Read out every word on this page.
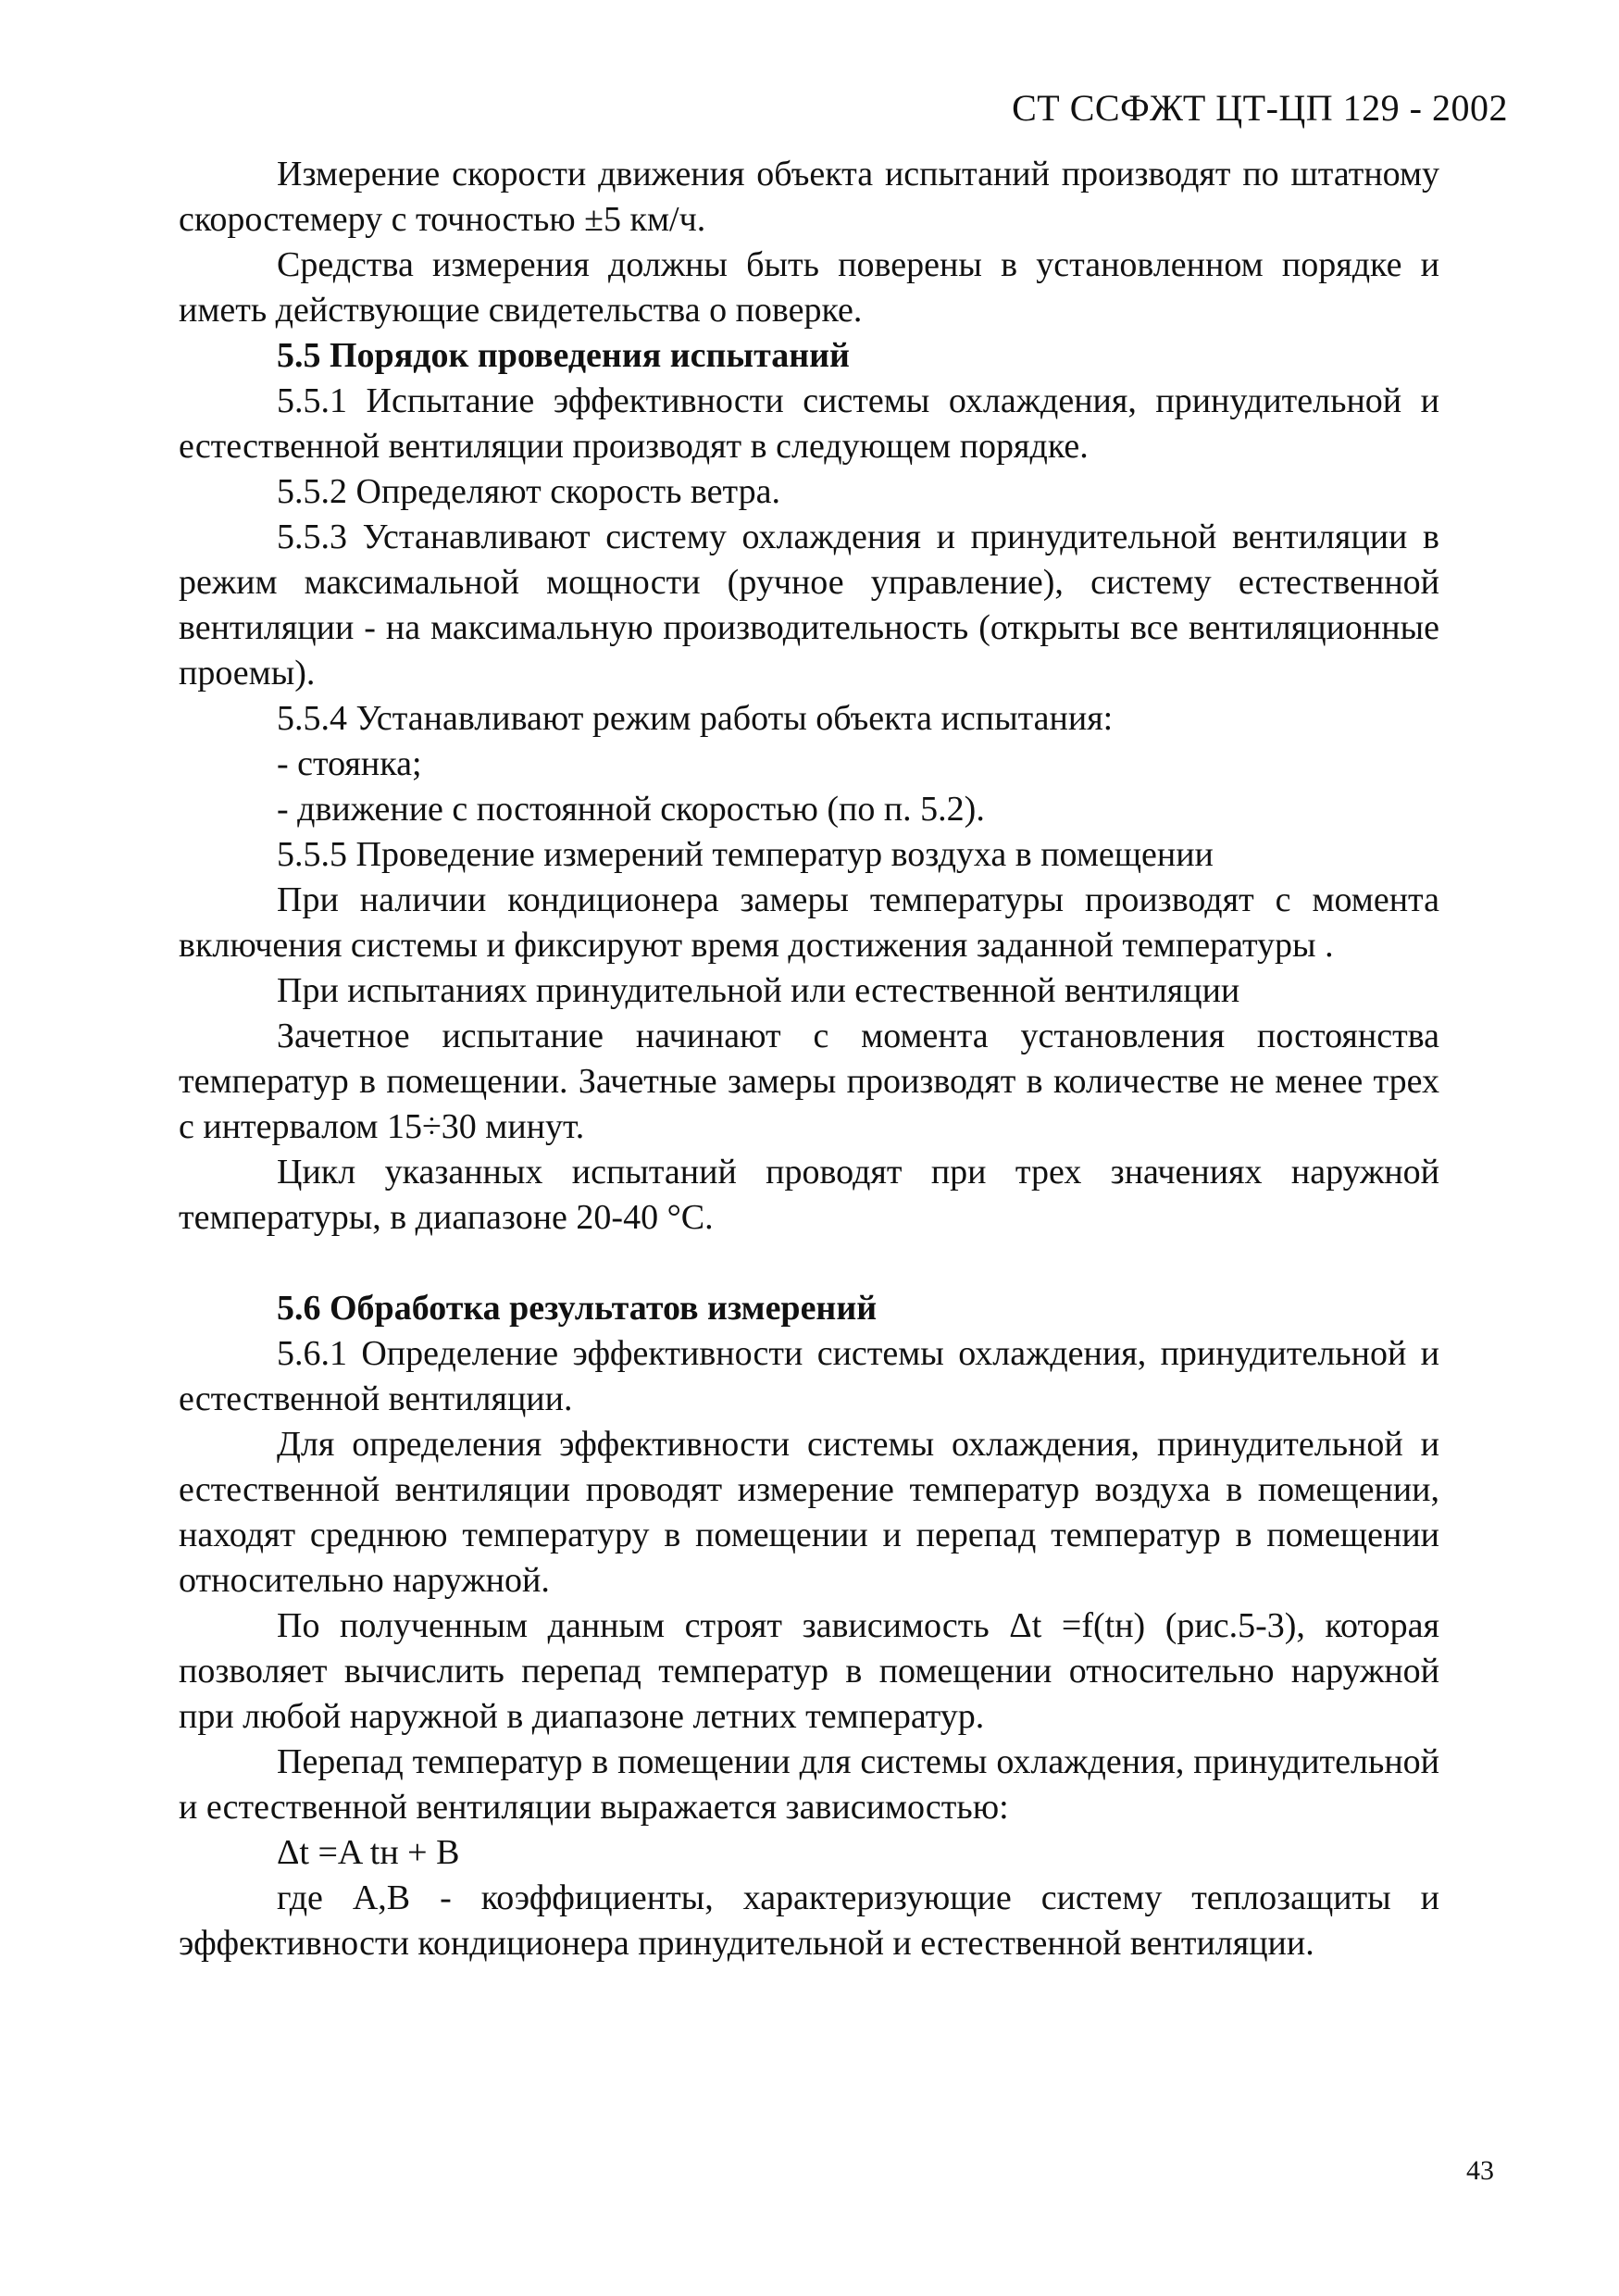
СТ ССФЖТ ЦТ-ЦП 129 - 2002

Измерение скорости движения объекта испытаний производят по штатному скоростемеру с точностью ±5 км/ч.

Средства измерения должны быть поверены в установленном порядке и иметь действующие свидетельства о поверке.

5.5 Порядок проведения испытаний

5.5.1 Испытание эффективности системы охлаждения, принудительной и естественной вентиляции производят в следующем порядке.

5.5.2 Определяют скорость ветра.

5.5.3 Устанавливают систему охлаждения и принудительной вентиляции в режим максимальной мощности (ручное управление), систему естественной вентиляции - на максимальную производительность (открыты все вентиляционные проемы).

5.5.4 Устанавливают режим работы объекта испытания:

- стоянка;

- движение с постоянной скоростью (по п. 5.2).

5.5.5 Проведение измерений температур воздуха в помещении

При наличии кондиционера замеры температуры производят с момента включения системы и фиксируют время достижения заданной температуры .

При испытаниях принудительной или естественной вентиляции

Зачетное испытание начинают с момента установления постоянства температур в помещении. Зачетные замеры производят в количестве не менее трех с интервалом 15÷30 минут.

Цикл указанных испытаний проводят при трех значениях наружной температуры, в диапазоне 20-40 °С.

5.6 Обработка результатов измерений

5.6.1 Определение эффективности системы охлаждения, принудительной и естественной вентиляции.

Для определения эффективности системы охлаждения, принудительной и естественной вентиляции проводят измерение температур воздуха в помещении, находят среднюю температуру в помещении и перепад температур в помещении относительно наружной.

По полученным данным строят зависимость Δt =f(tн) (рис.5-3), которая позволяет вычислить перепад температур в помещении относительно наружной при любой наружной в диапазоне летних температур.

Перепад температур в помещении для системы охлаждения, принудительной и естественной вентиляции выражается зависимостью:

Δt =A tн + B

где А,В - коэффициенты, характеризующие систему теплозащиты и эффективности кондиционера принудительной и естественной вентиляции.

43
